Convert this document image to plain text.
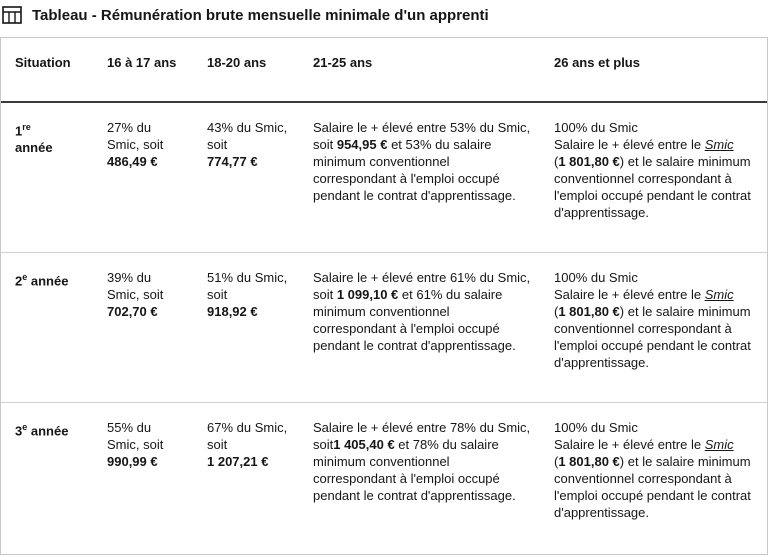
Tableau - Rémunération brute mensuelle minimale d'un apprenti
Situation	16 à 17 ans	18-20 ans	21-25 ans	26 ans et plus
1re
année	27% du Smic, soit
486,49 €	43% du Smic, soit
774,77 €	Salaire le + élevé entre 53% du Smic, soit 954,95 € et 53% du salaire minimum conventionnel correspondant à l'emploi occupé pendant le contrat d'apprentissage.	100% du Smic
Salaire le + élevé entre le Smic
(1 801,80 €) et le salaire minimum conventionnel correspondant à l'emploi occupé pendant le contrat d'apprentissage.
2e année	39% du Smic, soit
702,70 €	51% du Smic, soit
918,92 €	Salaire le + élevé entre 61% du Smic, soit 1 099,10 € et 61% du salaire minimum conventionnel correspondant à l'emploi occupé pendant le contrat d'apprentissage.	100% du Smic
Salaire le + élevé entre le Smic
(1 801,80 €) et le salaire minimum conventionnel correspondant à l'emploi occupé pendant le contrat d'apprentissage.
3e année	55% du Smic, soit
990,99 €	67% du Smic, soit
1 207,21 €	Salaire le + élevé entre 78% du Smic, soit1 405,40 € et 78% du salaire minimum conventionnel correspondant à l'emploi occupé pendant le contrat d'apprentissage.	100% du Smic
Salaire le + élevé entre le Smic
(1 801,80 €) et le salaire minimum conventionnel correspondant à l'emploi occupé pendant le contrat d'apprentissage.
